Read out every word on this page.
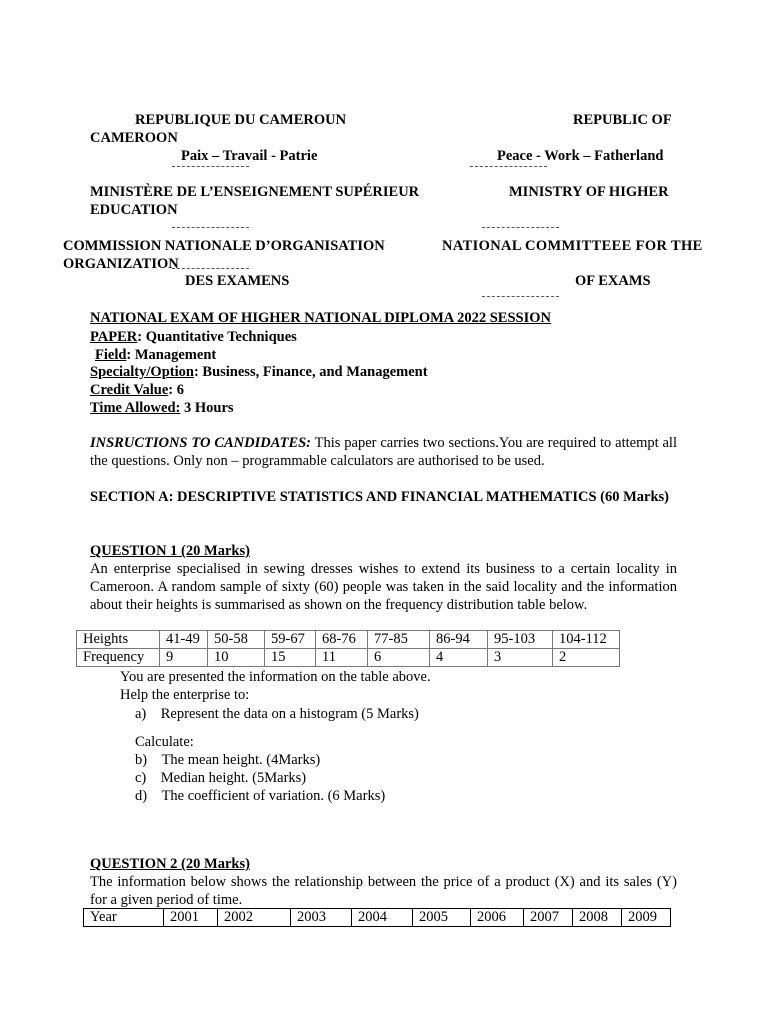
REPUBLIQUE DU CAMEROUN	REPUBLIC OF
CAMEROON
Paix – Travail - Patrie	Peace - Work – Fatherland
MINISTÈRE DE L’ENSEIGNEMENT SUPÉRIEUR	MINISTRY OF HIGHER
EDUCATION
COMMISSION NATIONALE D’ORGANISATION	NATIONAL COMMITTEEE FOR THE
ORGANIZATION
DES EXAMENS	OF EXAMS
NATIONAL EXAM OF HIGHER NATIONAL DIPLOMA 2022 SESSION
PAPER: Quantitative Techniques
Field: Management
Specialty/Option: Business, Finance, and Management
Credit Value: 6
Time Allowed: 3 Hours
INSRUCTIONS TO CANDIDATES: This paper carries two sections.You are required to attempt all the questions. Only non – programmable calculators are authorised to be used.
SECTION A: DESCRIPTIVE STATISTICS AND FINANCIAL MATHEMATICS (60 Marks)
QUESTION 1 (20 Marks)
An enterprise specialised in sewing dresses wishes to extend its business to a certain locality in Cameroon. A random sample of sixty (60) people was taken in the said locality and the information about their heights is summarised as shown on the frequency distribution table below.
Heights	41-49	50-58	59-67	68-76	77-85	86-94	95-103	104-112
Frequency	9	10	15	11	6	4	3	2
You are presented the information on the table above.
Help the enterprise to:
a) Represent the data on a histogram (5 Marks)
Calculate:
b) The mean height. (4Marks)
c) Median height. (5Marks)
d) The coefficient of variation. (6 Marks)
QUESTION 2 (20 Marks)
The information below shows the relationship between the price of a product (X) and its sales (Y) for a given period of time.
Year	2001	2002	2003	2004	2005	2006	2007	2008	2009
